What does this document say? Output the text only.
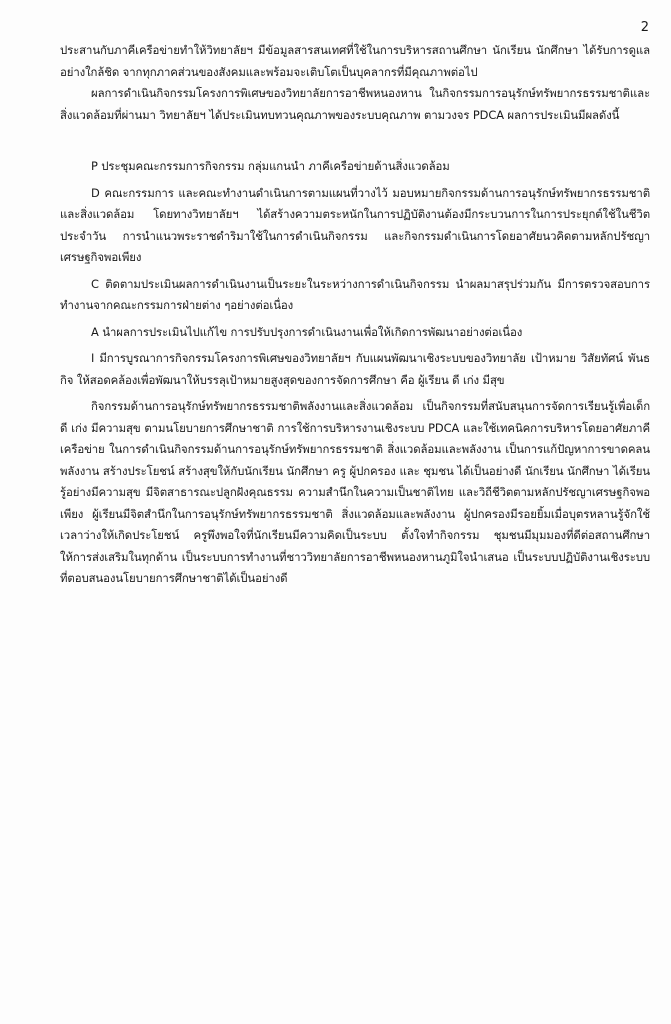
2

ประสานกับภาคีเครือข่ายทำให้วิทยาลัยฯ มีข้อมูลสารสนเทศที่ใช้ในการบริหารสถานศึกษา นักเรียน นักศึกษา ได้รับการดูแลอย่างใกล้ชิด จากทุกภาคส่วนของสังคมและพร้อมจะเติบโตเป็นบุคลากรที่มีคุณภาพต่อไป

ผลการดำเนินกิจกรรมโครงการพิเศษของวิทยาลัยการอาชีพหนองหาน ในกิจกรรมการอนุรักษ์ทรัพยากรธรรมชาติและสิ่งแวดล้อมที่ผ่านมา วิทยาลัยฯ ได้ประเมินทบทวนคุณภาพของระบบคุณภาพ ตามวงจร PDCA ผลการประเมินมีผลดังนี้

P ประชุมคณะกรรมการกิจกรรม กลุ่มแกนนำ ภาคีเครือข่ายด้านสิ่งแวดล้อม

D คณะกรรมการ และคณะทำงานดำเนินการตามแผนที่วางไว้ มอบหมายกิจกรรมด้านการอนุรักษ์ทรัพยากรธรรมชาติและสิ่งแวดล้อม โดยทางวิทยาลัยฯ ได้สร้างความตระหนักในการปฏิบัติงานต้องมีกระบวนการในการประยุกต์ใช้ในชีวิตประจำวัน การนำแนวพระราชดำริมาใช้ในการดำเนินกิจกรรม และกิจกรรมดำเนินการโดยอาศัยนวคิดตามหลักปรัชญาเศรษฐกิจพอเพียง

C ติดตามประเมินผลการดำเนินงานเป็นระยะในระหว่างการดำเนินกิจกรรม นำผลมาสรุปร่วมกัน มีการตรวจสอบการทำงานจากคณะกรรมการฝ่ายต่าง ๆอย่างต่อเนื่อง

A นำผลการประเมินไปแก้ไข การปรับปรุงการดำเนินงานเพื่อให้เกิดการพัฒนาอย่างต่อเนื่อง

I มีการบูรณาการกิจกรรมโครงการพิเศษของวิทยาลัยฯ กับแผนพัฒนาเชิงระบบของวิทยาลัย เป้าหมาย วิสัยทัศน์ พันธกิจ ให้สอดคล้องเพื่อพัฒนาให้บรรลุเป้าหมายสูงสุดของการจัดการศึกษา คือ ผู้เรียน ดี เก่ง มีสุข

กิจกรรมด้านการอนุรักษ์ทรัพยากรธรรมชาติพลังงานและสิ่งแวดล้อม เป็นกิจกรรมที่สนับสนุนการจัดการเรียนรู้เพื่อเด็ก ดี เก่ง มีความสุข ตามนโยบายการศึกษาชาติ การใช้การบริหารงานเชิงระบบ PDCA และใช้เทคนิคการบริหารโดยอาศัยภาคีเครือข่าย ในการดำเนินกิจกรรมด้านการอนุรักษ์ทรัพยากรธรรมชาติ สิ่งแวดล้อมและพลังงาน เป็นการแก้ปัญหาการขาดคลนพลังงาน สร้างประโยชน์ สร้างสุขให้กับนักเรียน นักศึกษา ครู ผู้ปกครอง และ ชุมชน ได้เป็นอย่างดี นักเรียน นักศึกษา ได้เรียนรู้อย่างมีความสุข มีจิตสาธารณะปลูกฝังคุณธรรม ความสำนึกในความเป็นชาติไทย และวิถีชีวิตตามหลักปรัชญาเศรษฐกิจพอเพียง ผู้เรียนมีจิตสำนึกในการอนุรักษ์ทรัพยากรธรรมชาติ สิ่งแวดล้อมและพลังงาน ผู้ปกครองมีรอยยิ้มเมื่อบุตรหลานรู้จักใช้เวลาว่างให้เกิดประโยชน์ ครูพึงพอใจที่นักเรียนมีความคิดเป็นระบบ ตั้งใจทำกิจกรรม ชุมชนมีมุมมองที่ดีต่อสถานศึกษา ให้การส่งเสริมในทุกด้าน เป็นระบบการทำงานที่ชาววิทยาลัยการอาชีพหนองหานภูมิใจนำเสนอ เป็นระบบปฏิบัติงานเชิงระบบที่ตอบสนองนโยบายการศึกษาชาติได้เป็นอย่างดี
